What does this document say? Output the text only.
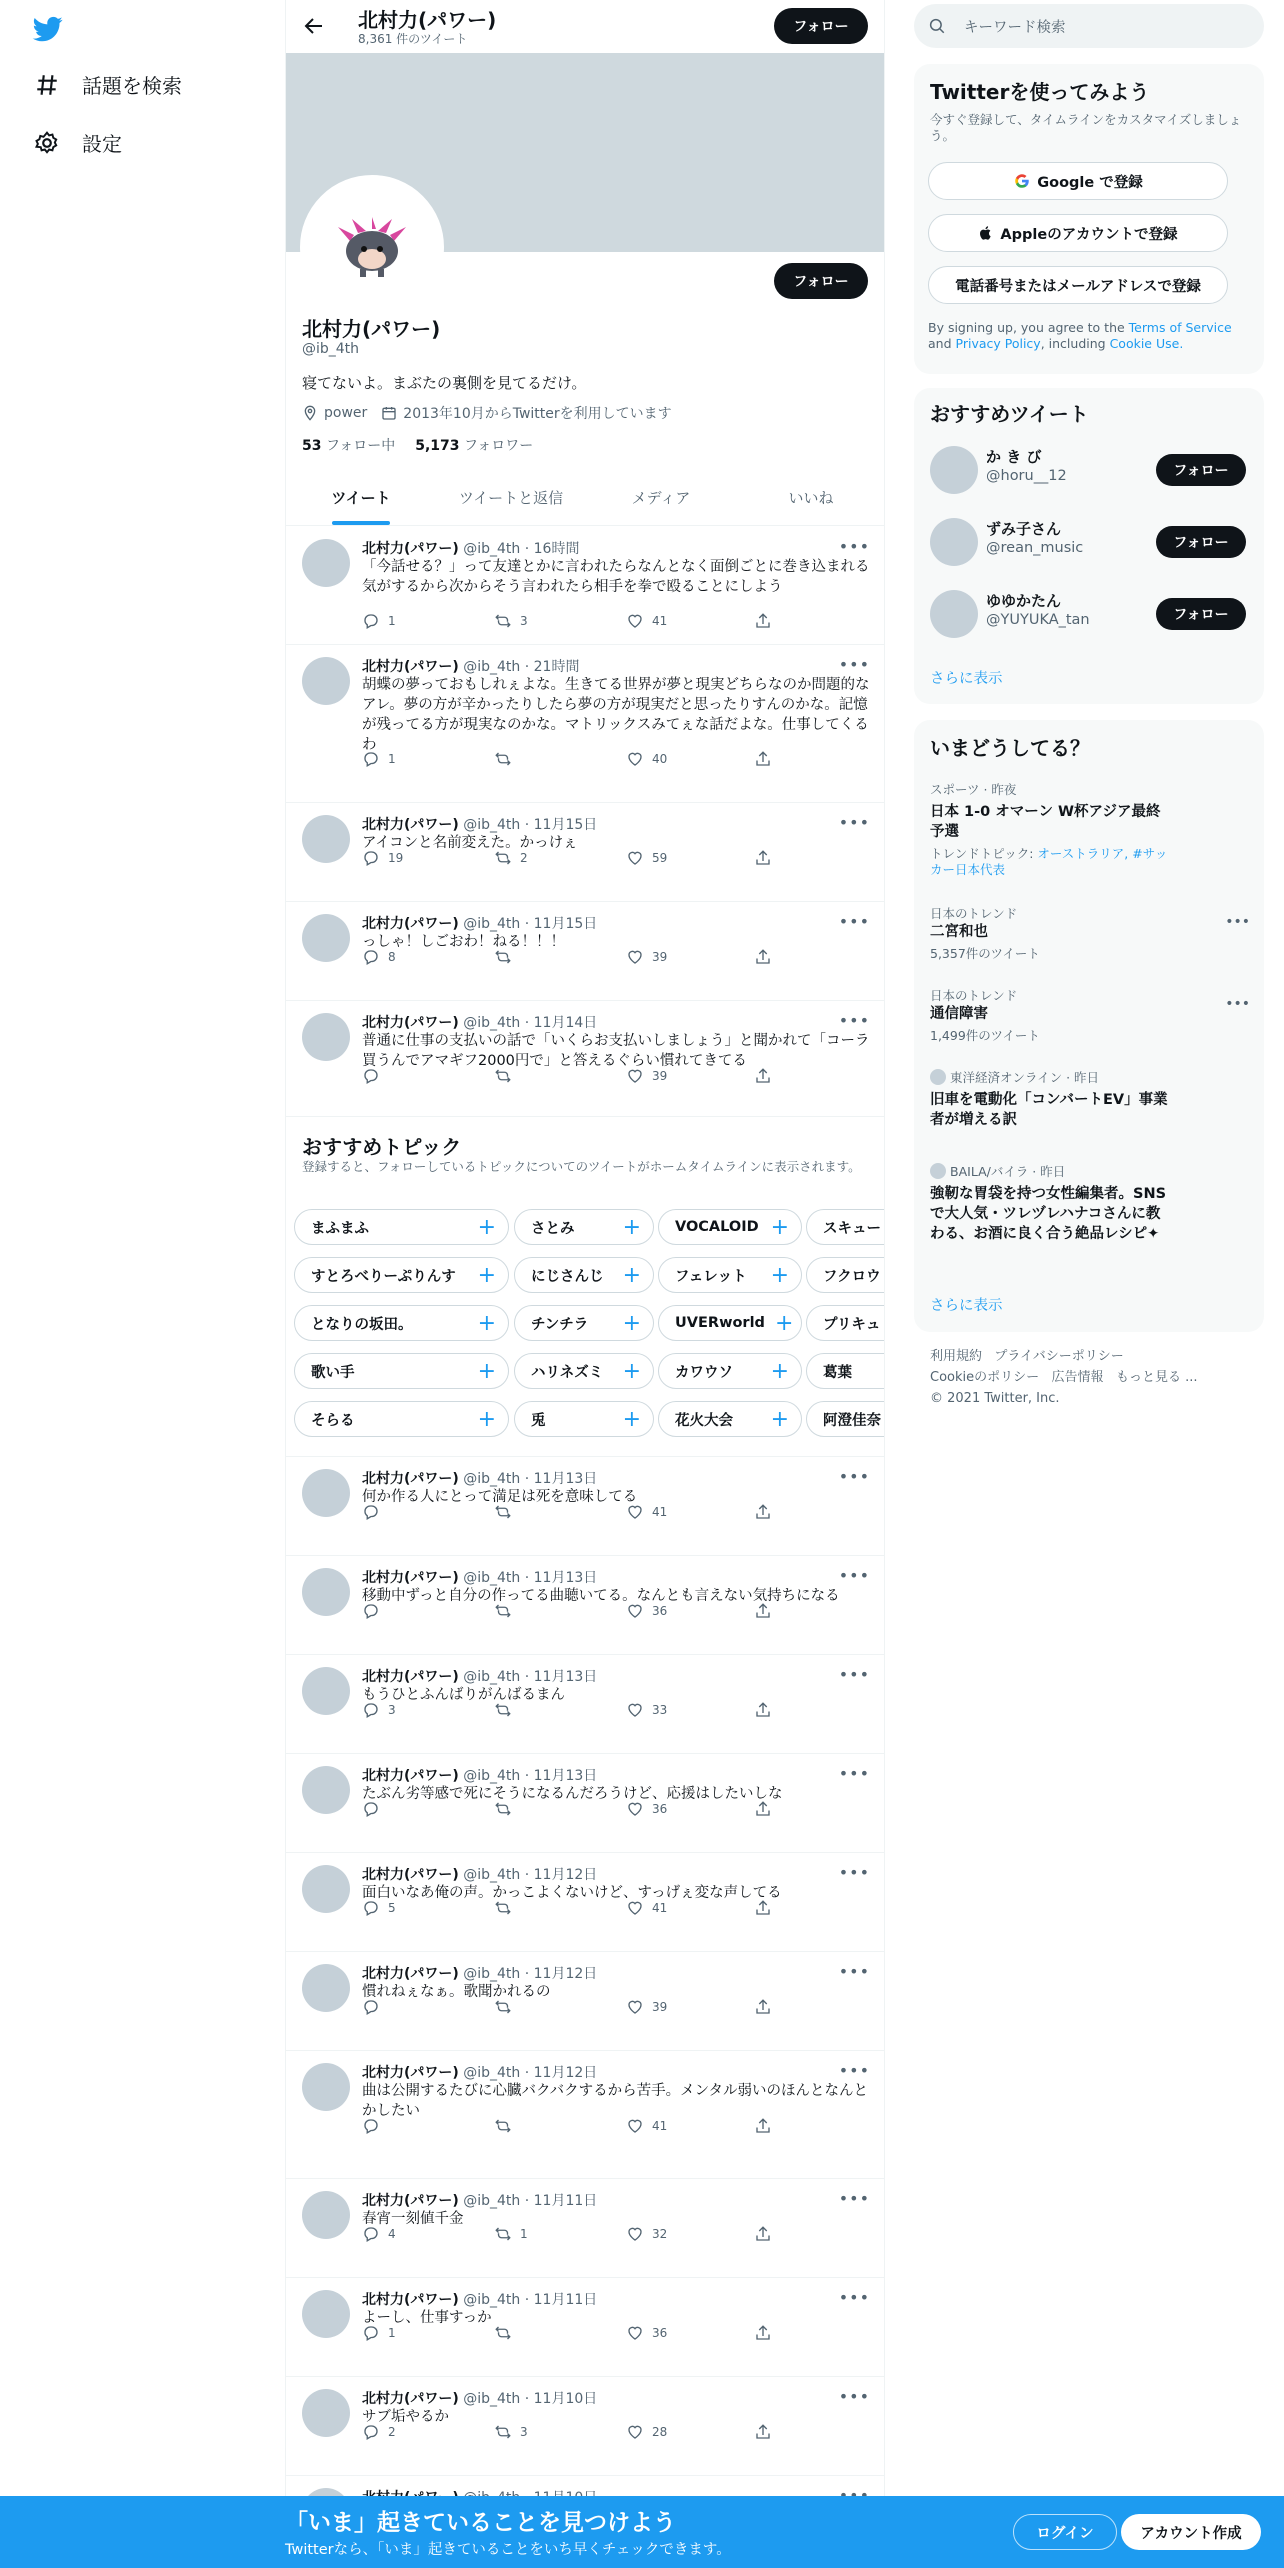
話題を検索
設定
北村力(パワー)
8,361 件のツイート
フォロー
フォロー
北村力(パワー)
@ib_4th
寝てないよ。まぶたの裏側を見てるだけ。
power	2013年10月からTwitterを利用しています
53 フォロー中 5,173 フォロワー
ツイート	ツイートと返信	メディア	いいね
北村力(パワー) @ib_4th · 16時間	•••
「今話せる？」って友達とかに言われたらなんとなく面倒ごとに巻き込まれる気がするから次からそう言われたら相手を拳で殴ることにしよう
1	3	41
北村力(パワー) @ib_4th · 21時間	•••
胡蝶の夢っておもしれぇよな。生きてる世界が夢と現実どちらなのか問題的なアレ。夢の方が辛かったりしたら夢の方が現実だと思ったりすんのかな。記憶が残ってる方が現実なのかな。マトリックスみてぇな話だよな。仕事してくるわ
1	40
北村力(パワー) @ib_4th · 11月15日	•••
アイコンと名前変えた。かっけぇ
19	2	59
北村力(パワー) @ib_4th · 11月15日	•••
っしゃ！しごおわ！ねる！！！
8	39
北村力(パワー) @ib_4th · 11月14日	•••
普通に仕事の支払いの話で「いくらお支払いしましょう」と聞かれて「コーラ買うんでアマギフ2000円で」と答えるぐらい慣れてきてる
39
北村力(パワー) @ib_4th · 11月13日	•••
何か作る人にとって満足は死を意味してる
41
北村力(パワー) @ib_4th · 11月13日	•••
移動中ずっと自分の作ってる曲聴いてる。なんとも言えない気持ちになる
36
北村力(パワー) @ib_4th · 11月13日	•••
もうひとふんばりがんばるまん
3	33
北村力(パワー) @ib_4th · 11月13日	•••
たぶん劣等感で死にそうになるんだろうけど、応援はしたいしな
36
北村力(パワー) @ib_4th · 11月12日	•••
面白いなあ俺の声。かっこよくないけど、すっげぇ変な声してる
5	41
北村力(パワー) @ib_4th · 11月12日	•••
慣れねぇなぁ。歌聞かれるの
39
北村力(パワー) @ib_4th · 11月12日	•••
曲は公開するたびに心臓バクバクするから苦手。メンタル弱いのほんとなんとかしたい
41
北村力(パワー) @ib_4th · 11月11日	•••
春宵一刻値千金
4	1	32
北村力(パワー) @ib_4th · 11月11日	•••
よーし、仕事すっか
1	36
北村力(パワー) @ib_4th · 11月10日	•••
サブ垢やるか
2	3	28
おすすめトピック
登録すると、フォローしているトピックについてのツイートがホームタイムラインに表示されます。
まふまふ	+ さとみ + VOCALOID + スキュー
すとろべりーぷりんす + にじさんじ + フェレット + フクロウ
となりの坂田。	+ チンチラ + UVERworld + プリキュ
歌い手	+ ハリネズミ + カワウソ + 葛葉
そらる	+ 兎	+ 花火大会 + 阿澄佳奈
キーワード検索
Twitterを使ってみよう
今すぐ登録して、タイムラインをカスタマイズしましょう。
Google で登録
Appleのアカウントで登録
電話番号またはメールアドレスで登録
By signing up, you agree to the Terms of Service and Privacy Policy, including Cookie Use.
おすすめツイート
か き び
@horu__12	フォロー
ずみ子さん
@rean_music	フォロー
ゆゆかたん
@YUYUKA_tan	フォロー
さらに表示
いまどうしてる？
スポーツ · 昨夜
日本 1-0 オマーン W杯アジア最終予選
トレンドトピック: オーストラリア, #サッカー日本代表
日本のトレンド
二宮和也
5,357件のツイート
•••
日本のトレンド
通信障害
1,499件のツイート
•••
東洋経済オンライン · 昨日
旧車を電動化「コンバートEV」事業者が増える訳
BAILA/バイラ · 昨日
強靭な胃袋を持つ女性編集者。SNSで大人気・ツレヅレハナコさんに教わる、お酒に良く合う絶品レシピ✦
さらに表示
利用規約 プライバシーポリシー
Cookieのポリシー 広告情報 もっと見る ...
© 2021 Twitter, Inc.
「いま」起きていることを見つけよう
Twitterなら、「いま」起きていることをいち早くチェックできます。
ログイン	アカウント作成
